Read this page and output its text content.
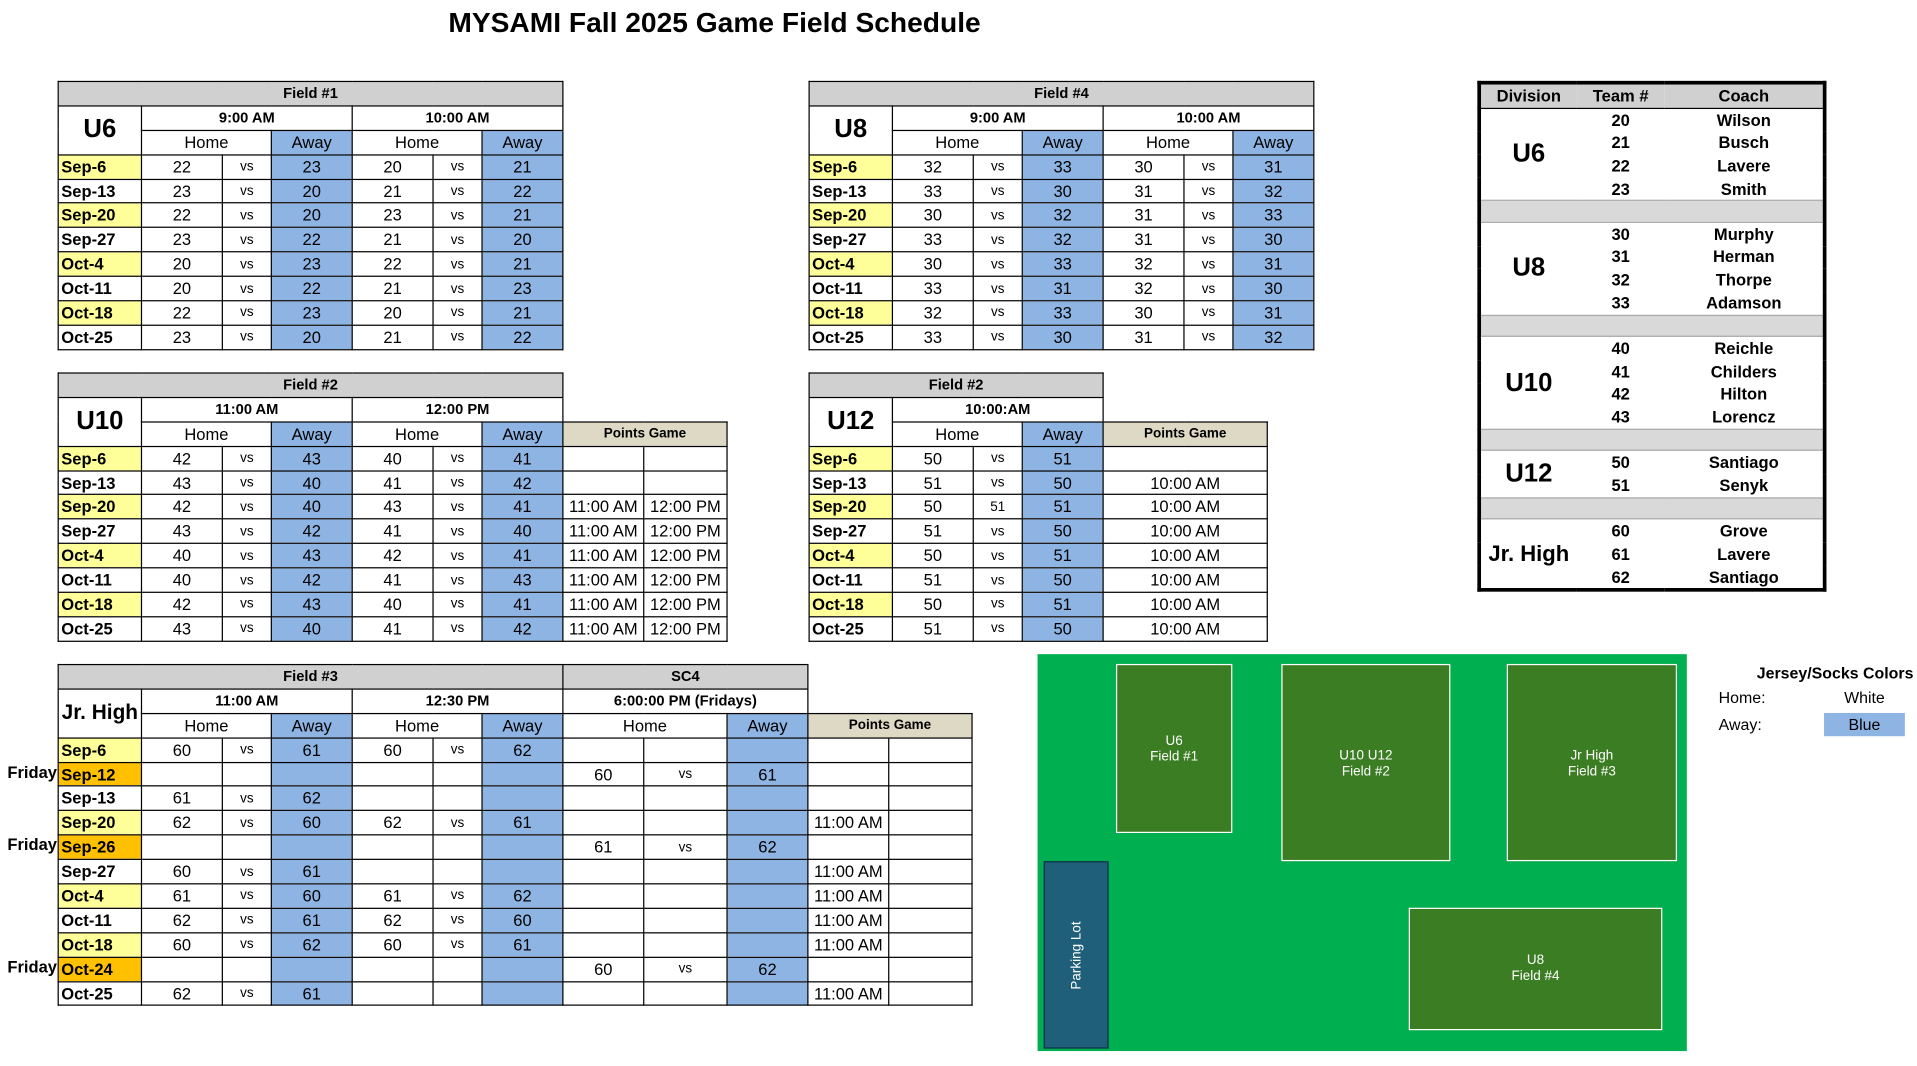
MYSAMI Fall 2025 Game Field Schedule
Field #1						
U6	9:00 AM			10:00 AM		
	Home		Away	Home		Away
Sep-6	22	vs	23	20	vs	21
Sep-13	23	vs	20	21	vs	22
Sep-20	22	vs	20	23	vs	21
Sep-27	23	vs	22	21	vs	20
Oct-4	20	vs	23	22	vs	21
Oct-11	20	vs	22	21	vs	23
Oct-18	22	vs	23	20	vs	21
Oct-25	23	vs	20	21	vs	22
Field #4						
U8	9:00 AM			10:00 AM		
	Home		Away	Home		Away
Sep-6	32	vs	33	30	vs	31
Sep-13	33	vs	30	31	vs	32
Sep-20	30	vs	32	31	vs	33
Sep-27	33	vs	32	31	vs	30
Oct-4	30	vs	33	32	vs	31
Oct-11	33	vs	31	32	vs	30
Oct-18	32	vs	33	30	vs	31
Oct-25	33	vs	30	31	vs	32
Field #2								
U10	11:00 AM			12:00 PM				
	Home		Away	Home		Away	Points Game	
Sep-6	42	vs	43	40	vs	41		
Sep-13	43	vs	40	41	vs	42		
Sep-20	42	vs	40	43	vs	41	11:00 AM	12:00 PM
Sep-27	43	vs	42	41	vs	40	11:00 AM	12:00 PM
Oct-4	40	vs	43	42	vs	41	11:00 AM	12:00 PM
Oct-11	40	vs	42	41	vs	43	11:00 AM	12:00 PM
Oct-18	42	vs	43	40	vs	41	11:00 AM	12:00 PM
Oct-25	43	vs	40	41	vs	42	11:00 AM	12:00 PM
Field #2				
U12	10:00:AM			
	Home		Away	Points Game
Sep-6	50	vs	51	
Sep-13	51	vs	50	10:00 AM
Sep-20	50	51	51	10:00 AM
Sep-27	51	vs	50	10:00 AM
Oct-4	50	vs	51	10:00 AM
Oct-11	51	vs	50	10:00 AM
Oct-18	50	vs	51	10:00 AM
Oct-25	51	vs	50	10:00 AM
Field #3							SC4				
Jr. High	11:00 AM			12:30 PM			6:00:00 PM (Fridays)				
	Home		Away	Home		Away	Home		Away	Points Game	
Sep-6	60	vs	61	60	vs	62					
Sep-12							60	vs	61		
Sep-13	61	vs	62								
Sep-20	62	vs	60	62	vs	61				11:00 AM	
Sep-26							61	vs	62		
Sep-27	60	vs	61							11:00 AM	
Oct-4	61	vs	60	61	vs	62				11:00 AM	
Oct-11	62	vs	61	62	vs	60				11:00 AM	
Oct-18	60	vs	62	60	vs	61				11:00 AM	
Oct-24							60	vs	62		
Oct-25	62	vs	61							11:00 AM	
Friday
Friday
Friday
Division	Team #	Coach
U6	20	Wilson
	21	Busch
	22	Lavere
	23	Smith

U8	30	Murphy
	31	Herman
	32	Thorpe
	33	Adamson

U10	40	Reichle
	41	Childers
	42	Hilton
	43	Lorencz

U12	50	Santiago
	51	Senyk

Jr. High	60	Grove
	61	Lavere
	62	Santiago
U6
Field #1	U10 U12
Field #2
Jr High
Field #3
U8
Field #4
Parking Lot
Jersey/Socks Colors
Home:	White
Away:	Blue
